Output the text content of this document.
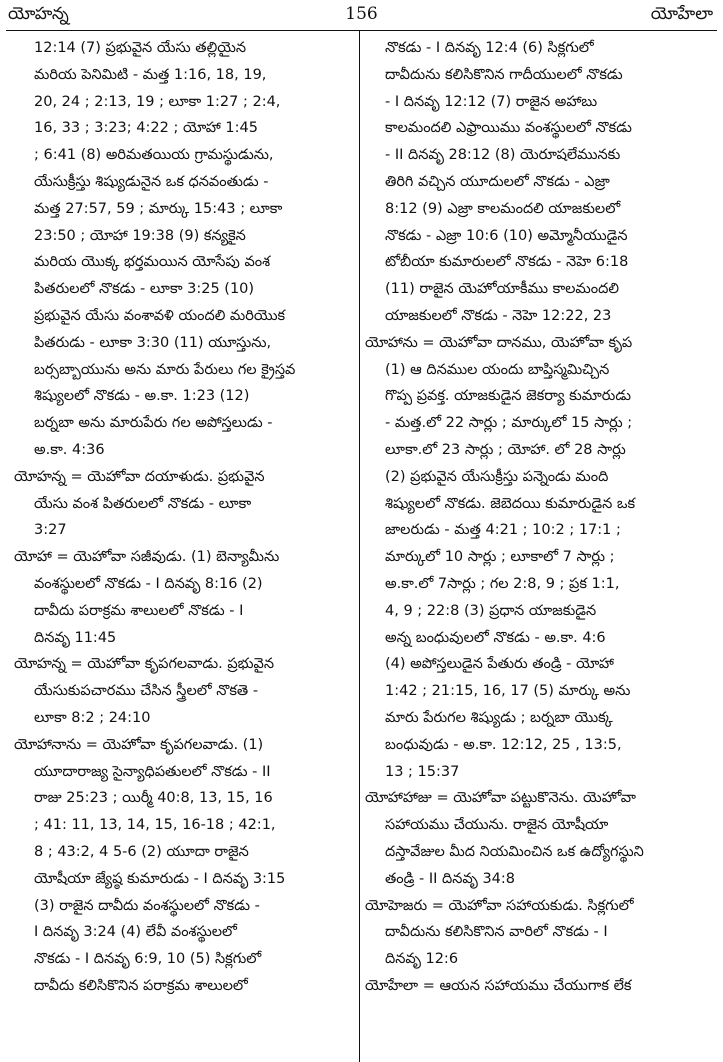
యోహన్న	156	యోహేలా
12:14 (7) ప్రభువైన యేసు తల్లియైన
మరియ పెనిమిటి - మత్త 1:16, 18, 19,
20, 24 ; 2:13, 19 ; లూకా 1:27 ; 2:4,
16, 33 ; 3:23; 4:22 ; యోహా 1:45
; 6:41 (8) అరిమతయియ గ్రామస్థుడును,
యేసుక్రీస్తు శిష్యుడునైన ఒక ధనవంతుడు -
మత్త 27:57, 59 ; మార్కు 15:43 ; లూకా
23:50 ; యోహా 19:38 (9) కన్యకైన
మరియ యొక్క భర్తమయిన యోసేపు వంశ
పితరులలో నొకడు - లూకా 3:25 (10)
ప్రభువైన యేసు వంశావళి యందలి మరియొక
పితరుడు - లూకా 3:30 (11) యూస్తును,
బర్సబ్బాయును అను మారు పేరులు గల క్రైస్తవ
శిష్యులలో నొకడు - అ.కా. 1:23 (12)
బర్నబా అను మారుపేరు గల అపోస్తలుడు -
అ.కా. 4:36
యోహన్న = యెహోవా దయాళుడు. ప్రభువైన
యేసు వంశ పితరులలో నొకడు - లూకా
3:27
యోహా = యెహోవా సజీవుడు. (1) బెన్యామీను
వంశస్థులలో నొకడు - I దినవృ 8:16 (2)
దావీదు పరాక్రమ శాలులలో నొకడు - I
దినవృ 11:45
యోహన్న = యెహోవా కృపగలవాడు. ప్రభువైన
యేసుకుపచారము చేసిన స్త్రీలలో నొకతె -
లూకా 8:2 ; 24:10
యోహానాను = యెహోవా కృపగలవాడు. (1)
యూదారాజ్య సైన్యాధిపతులలో నొకడు - II
రాజు 25:23 ; యిర్మీ 40:8, 13, 15, 16
; 41: 11, 13, 14, 15, 16-18 ; 42:1,
8 ; 43:2, 4 5-6 (2) యూదా రాజైన
యోషీయా జ్యేష్ఠ కుమారుడు - I దినవృ 3:15
(3) రాజైన దావీదు వంశస్థులలో నొకడు -
I దినవృ 3:24 (4) లేవీ వంశస్థులలో
నొకడు - I దినవృ 6:9, 10 (5) సిక్లగులో
దావీదు కలిసికొనిన పరాక్రమ శాలులలో
నొకడు - I దినవృ 12:4 (6) సిక్లగులో
దావీదును కలిసికొనిన గాదీయులలో నొకడు
- I దినవృ 12:12 (7) రాజైన అహాబు
కాలమందలి ఎఫ్రాయిము వంశస్థులలో నొకడు
- II దినవృ 28:12 (8) యెరూషలేమునకు
తిరిగి వచ్చిన యూదులలో నొకడు - ఎజ్రా
8:12 (9) ఎజ్రా కాలమందలి యాజకులలో
నొకడు - ఎజ్రా 10:6 (10) అమ్మోనీయుడైన
టోబీయా కుమారులలో నొకడు - నెహె 6:18
(11) రాజైన యెహోయాకీము కాలమందలి
యాజకులలో నొకడు - నెహె 12:22, 23
యోహాను = యెహోవా దానము, యెహోవా కృప
(1) ఆ దినముల యందు బాప్తిస్మమిచ్చిన
గొప్ప ప్రవక్త. యాజకుడైన జెకర్యా కుమారుడు
- మత్త.లో 22 సార్లు ; మార్కులో 15 సార్లు ;
లూకా.లో 23 సార్లు ; యోహా. లో 28 సార్లు
(2) ప్రభువైన యేసుక్రీస్తు పన్నెండు మంది
శిష్యులలో నొకడు. జెబెదయి కుమారుడైన ఒక
జాలరుడు - మత్త 4:21 ; 10:2 ; 17:1 ;
మార్కులో 10 సార్లు ; లూకాలో 7 సార్లు ;
అ.కా.లో 7సార్లు ; గల 2:8, 9 ; ప్రక 1:1,
4, 9 ; 22:8 (3) ప్రధాన యాజకుడైన
అన్న బంధువులలో నొకడు - అ.కా. 4:6
(4) అపోస్తలుడైన పేతురు తండ్రి - యోహా
1:42 ; 21:15, 16, 17 (5) మార్కు అను
మారు పేరుగల శిష్యుడు ; బర్నబా యొక్క
బంధువుడు - అ.కా. 12:12, 25 , 13:5,
13 ; 15:37
యోహాహాజు = యెహోవా పట్టుకొనెను. యెహోవా
సహాయము చేయును. రాజైన యోషీయా
దస్తావేజుల మీద నియమించిన ఒక ఉద్యోగస్థుని
తండ్రి - II దినవృ 34:8
యోహెజరు = యెహోవా సహాయకుడు. సిక్లగులో
దావీదును కలిసికొనిన వారిలో నొకడు - I
దినవృ 12:6
యోహేలా = ఆయన సహాయము చేయుగాక లేక
